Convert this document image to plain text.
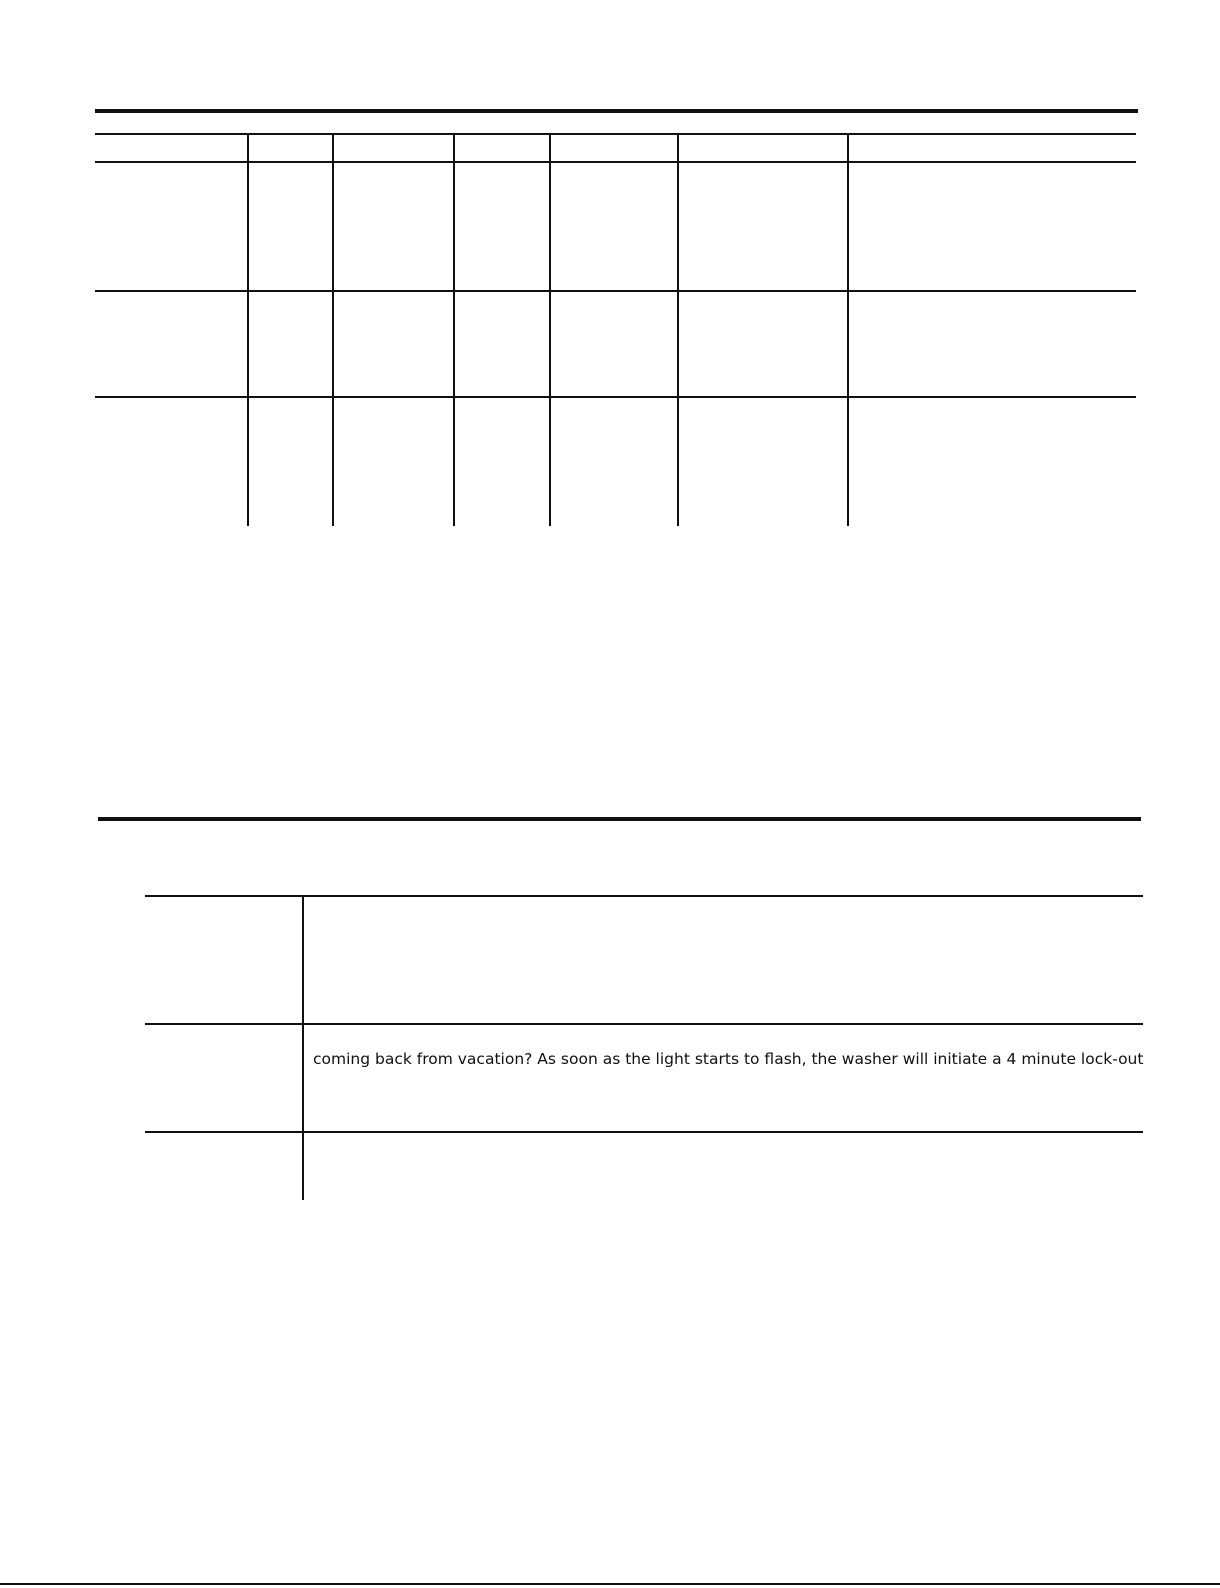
coming back from vacation? As soon as the light starts to flash, the washer will initiate a 4 minute lock-out
